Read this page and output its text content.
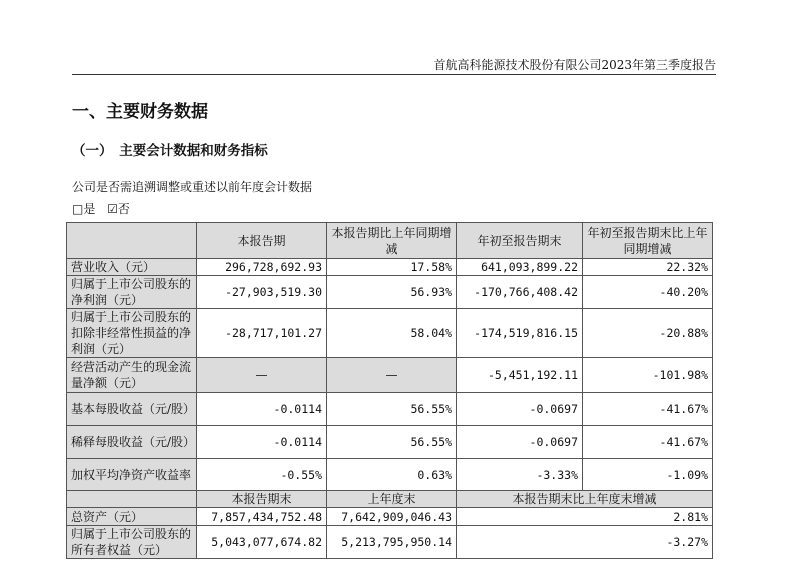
首航高科能源技术股份有限公司2023年第三季度报告
一、主要财务数据
（一）　主要会计数据和财务指标
公司是否需追溯调整或重述以前年度会计数据
□是 ☑否
	本报告期	本报告期比上年同期增减	年初至报告期末	年初至报告期末比上年同期增减
营业收入（元）	296,728,692.93	17.58%	641,093,899.22	22.32%
归属于上市公司股东的净利润（元）	-27,903,519.30	56.93%	-170,766,408.42	-40.20%
归属于上市公司股东的扣除非经常性损益的净利润（元）	-28,717,101.27	58.04%	-174,519,816.15	-20.88%
经营活动产生的现金流量净额（元）	—	—	-5,451,192.11	-101.98%
基本每股收益（元/股）	-0.0114	56.55%	-0.0697	-41.67%
稀释每股收益（元/股）	-0.0114	56.55%	-0.0697	-41.67%
加权平均净资产收益率	-0.55%	0.63%	-3.33%	-1.09%
	本报告期末	上年度末	本报告期末比上年度末增减	
总资产（元）	7,857,434,752.48	7,642,909,046.43	2.81%	
归属于上市公司股东的所有者权益（元）	5,043,077,674.82	5,213,795,950.14	-3.27%	
